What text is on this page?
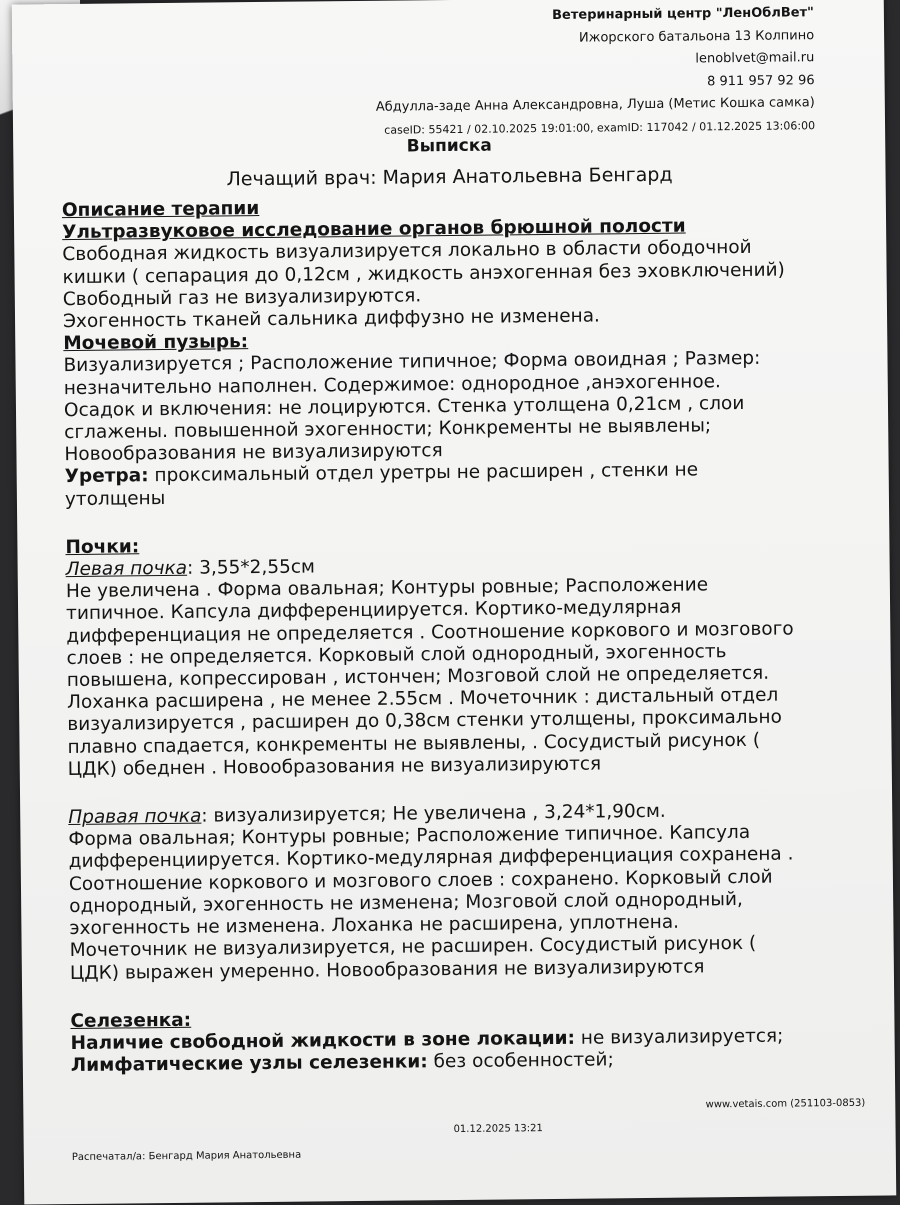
Ветеринарный центр "ЛенОблВет"
Ижорского батальона 13 Колпино
lenoblvet@mail.ru
8 911 957 92 96
Абдулла-заде Анна Александровна, Луша (Метис Кошка самка)
caseID: 55421 / 02.10.2025 19:01:00, examID: 117042 / 01.12.2025 13:06:00
Выписка
Лечащий врач: Мария Анатольевна Бенгард

Описание терапии

Ультразвуковое исследование органов брюшной полости

Свободная жидкость визуализируется локально в области ободочной

кишки ( сепарация до 0,12см , жидкость анэхогенная без эховключений)

Свободный газ не визуализируются.

Эхогенность тканей сальника диффузно не изменена.

Мочевой пузырь:

Визуализируется ; Расположение типичное; Форма овоидная ; Размер:

незначительно наполнен. Содержимое: однородное ,анэхогенное.

Осадок и включения: не лоцируются. Стенка утолщена 0,21см , слои

сглажены. повышенной эхогенности; Конкременты не выявлены;

Новообразования не визуализируются

Уретра: проксимальный отдел уретры не расширен , стенки не

утолщены

Почки:

Левая почка: 3,55*2,55см

Не увеличена . Форма овальная; Контуры ровные; Расположение

типичное. Капсула дифференциируется. Кортико-медулярная

дифференциация не определяется . Соотношение коркового и мозгового

слоев : не определяется. Корковый слой однородный, эхогенность

повышена, копрессирован , истончен; Мозговой слой не определяется.

Лоханка расширена , не менее 2.55см . Мочеточник : дистальный отдел

визуализируется , расширен до 0,38см стенки утолщены, проксимально

плавно спадается, конкременты не выявлены, . Сосудистый рисунок (

ЦДК) обеднен . Новообразования не визуализируются

Правая почка: визуализируется; Не увеличена , 3,24*1,90см.

Форма овальная; Контуры ровные; Расположение типичное. Капсула

дифференциируется. Кортико-медулярная дифференциация сохранена .

Соотношение коркового и мозгового слоев : сохранено. Корковый слой

однородный, эхогенность не изменена; Мозговой слой однородный,

эхогенность не изменена. Лоханка не расширена, уплотнена.

Мочеточник не визуализируется, не расширен. Сосудистый рисунок (

ЦДК) выражен умеренно. Новообразования не визуализируются

Селезенка:

Наличие свободной жидкости в зоне локации: не визуализируется;

Лимфатические узлы селезенки: без особенностей;

www.vetais.com (251103-0853)
01.12.2025 13:21
Распечатал/а: Бенгард Мария Анатольевна
